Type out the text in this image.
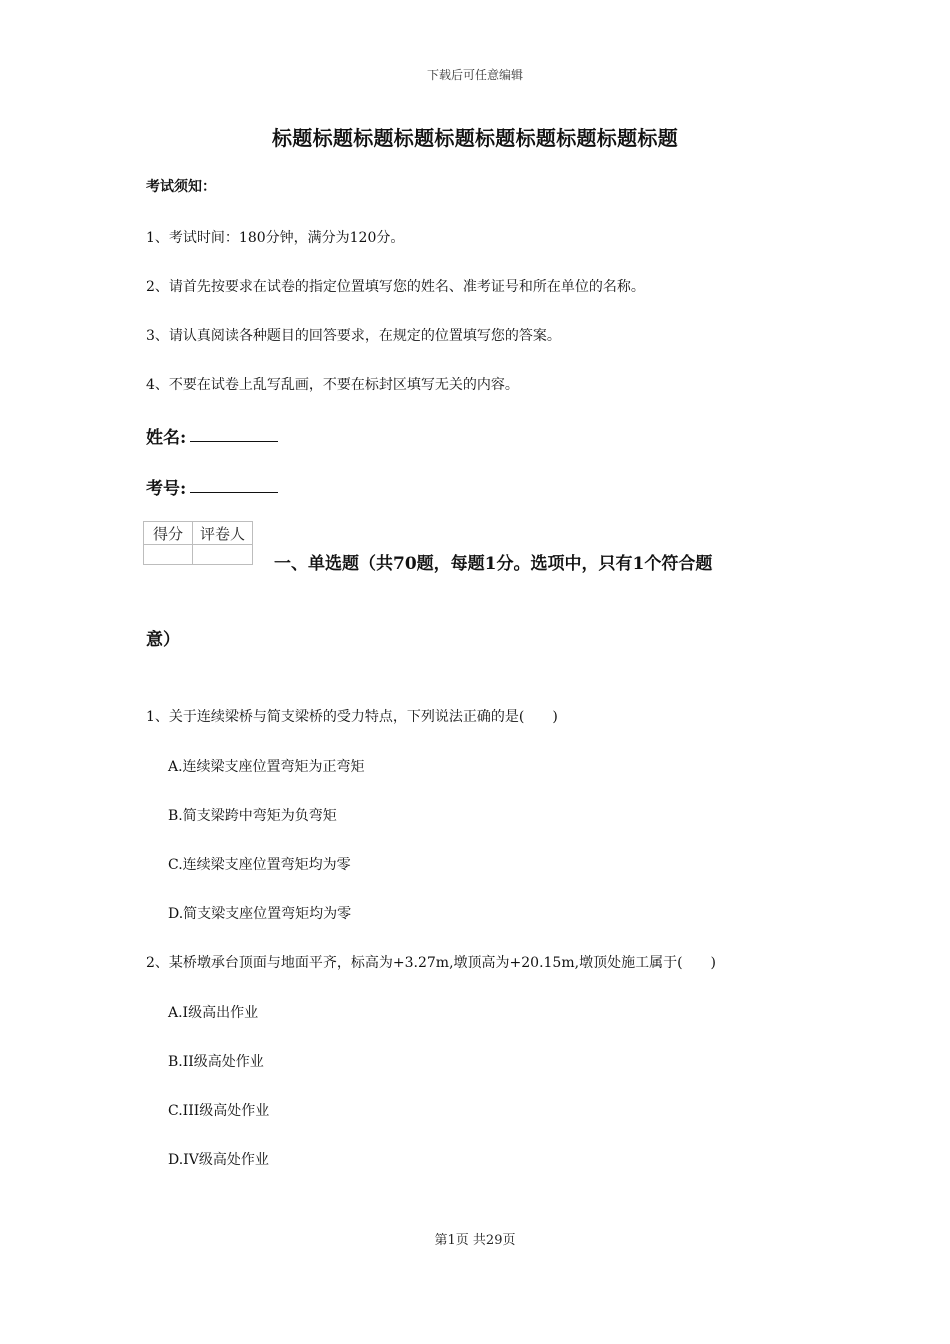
下载后可任意编辑
标题标题标题标题标题标题标题标题标题标题
考试须知：
1、考试时间：180分钟，满分为120分。
2、请首先按要求在试卷的指定位置填写您的姓名、准考证号和所在单位的名称。
3、请认真阅读各种题目的回答要求，在规定的位置填写您的答案。
4、不要在试卷上乱写乱画，不要在标封区填写无关的内容。
姓名:
考号:
得分	评卷人

一、单选题（共70题，每题1分。选项中，只有1个符合题
意）
1、关于连续梁桥与简支梁桥的受力特点，下列说法正确的是(　　)
A.连续梁支座位置弯矩为正弯矩
B.简支梁跨中弯矩为负弯矩
C.连续梁支座位置弯矩均为零
D.简支梁支座位置弯矩均为零
2、某桥墩承台顶面与地面平齐，标高为+3.27m,墩顶高为+20.15m,墩顶处施工属于(　　)
A.I级高出作业
B.II级高处作业
C.III级高处作业
D.IV级高处作业
第1页 共29页
